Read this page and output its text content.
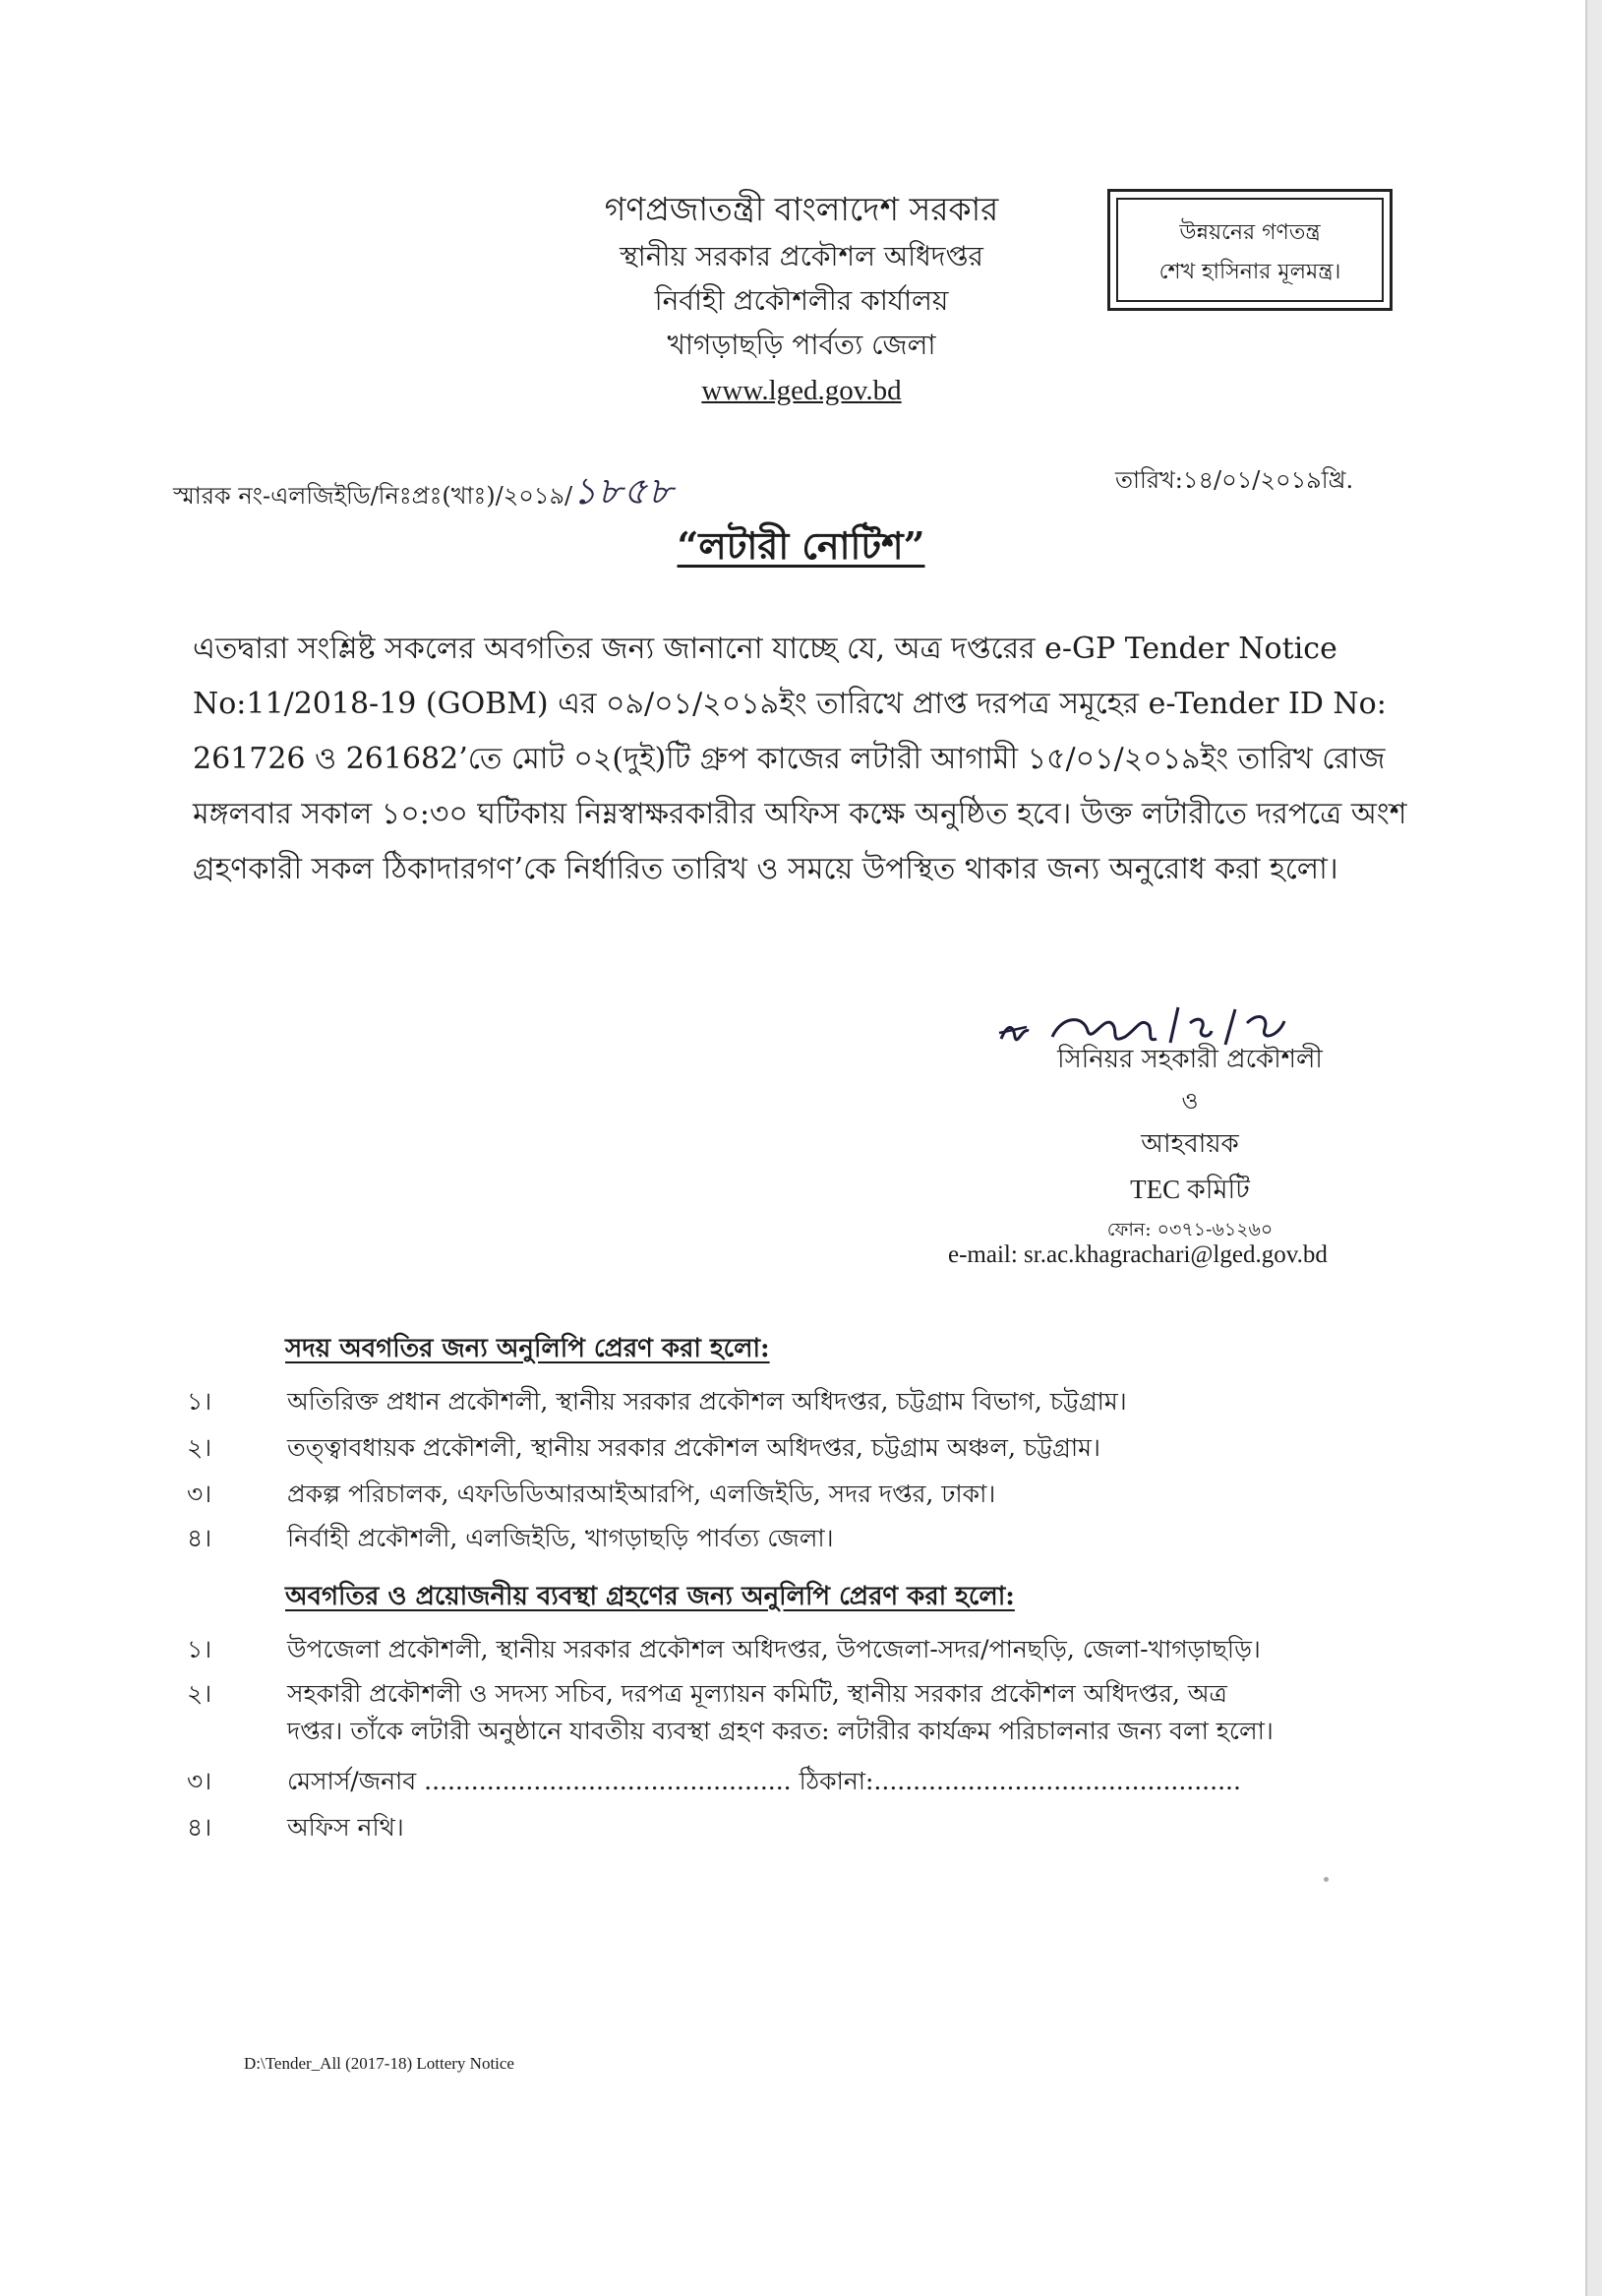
গণপ্রজাতন্ত্রী বাংলাদেশ সরকার
স্থানীয় সরকার প্রকৌশল অধিদপ্তর
নির্বাহী প্রকৌশলীর কার্যালয়
খাগড়াছড়ি পার্বত্য জেলা
www.lged.gov.bd
উন্নয়নের গণতন্ত্র
শেখ হাসিনার মূলমন্ত্র।
স্মারক নং-এলজিইডি/নিঃপ্রঃ(খাঃ)/২০১৯/১৮৫৮	তারিখ:১৪/০১/২০১৯খ্রি.
“লটারী নোটিশ”
এতদ্বারা সংশ্লিষ্ট সকলের অবগতির জন্য জানানো যাচ্ছে যে, অত্র দপ্তরের e-GP Tender Notice
No:11/2018-19 (GOBM) এর ০৯/০১/২০১৯ইং তারিখে প্রাপ্ত দরপত্র সমূহের e-Tender ID No:
261726 ও 261682’তে মোট ০২(দুই)টি গ্রুপ কাজের লটারী আগামী ১৫/০১/২০১৯ইং তারিখ রোজ
মঙ্গলবার সকাল ১০:৩০ ঘটিকায় নিম্নস্বাক্ষরকারীর অফিস কক্ষে অনুষ্ঠিত হবে। উক্ত লটারীতে দরপত্রে অংশ
গ্রহণকারী সকল ঠিকাদারগণ’কে নির্ধারিত তারিখ ও সময়ে উপস্থিত থাকার জন্য অনুরোধ করা হলো।
সিনিয়র সহকারী প্রকৌশলী
ও
আহবায়ক
TEC কমিটি
ফোন: ০৩৭১-৬১২৬০
e-mail: sr.ac.khagrachari@lged.gov.bd
সদয় অবগতির জন্য অনুলিপি প্রেরণ করা হলো:
১।	অতিরিক্ত প্রধান প্রকৌশলী, স্থানীয় সরকার প্রকৌশল অধিদপ্তর, চট্টগ্রাম বিভাগ, চট্টগ্রাম।
২।	তত্ত্বাবধায়ক প্রকৌশলী, স্থানীয় সরকার প্রকৌশল অধিদপ্তর, চট্টগ্রাম অঞ্চল, চট্টগ্রাম।
৩।	প্রকল্প পরিচালক, এফডিডিআরআইআরপি, এলজিইডি, সদর দপ্তর, ঢাকা।
৪।	নির্বাহী প্রকৌশলী, এলজিইডি, খাগড়াছড়ি পার্বত্য জেলা।
অবগতির ও প্রয়োজনীয় ব্যবস্থা গ্রহণের জন্য অনুলিপি প্রেরণ করা হলো:
১।	উপজেলা প্রকৌশলী, স্থানীয় সরকার প্রকৌশল অধিদপ্তর, উপজেলা-সদর/পানছড়ি, জেলা-খাগড়াছড়ি।
২।	সহকারী প্রকৌশলী ও সদস্য সচিব, দরপত্র মূল্যায়ন কমিটি, স্থানীয় সরকার প্রকৌশল অধিদপ্তর, অত্র
দপ্তর। তাঁকে লটারী অনুষ্ঠানে যাবতীয় ব্যবস্থা গ্রহণ করত: লটারীর কার্যক্রম পরিচালনার জন্য বলা হলো।
৩।	মেসার্স/জনাব ............................................... ঠিকানা:...............................................
৪।	অফিস নথি।
D:\Tender_All (2017-18) Lottery Notice
